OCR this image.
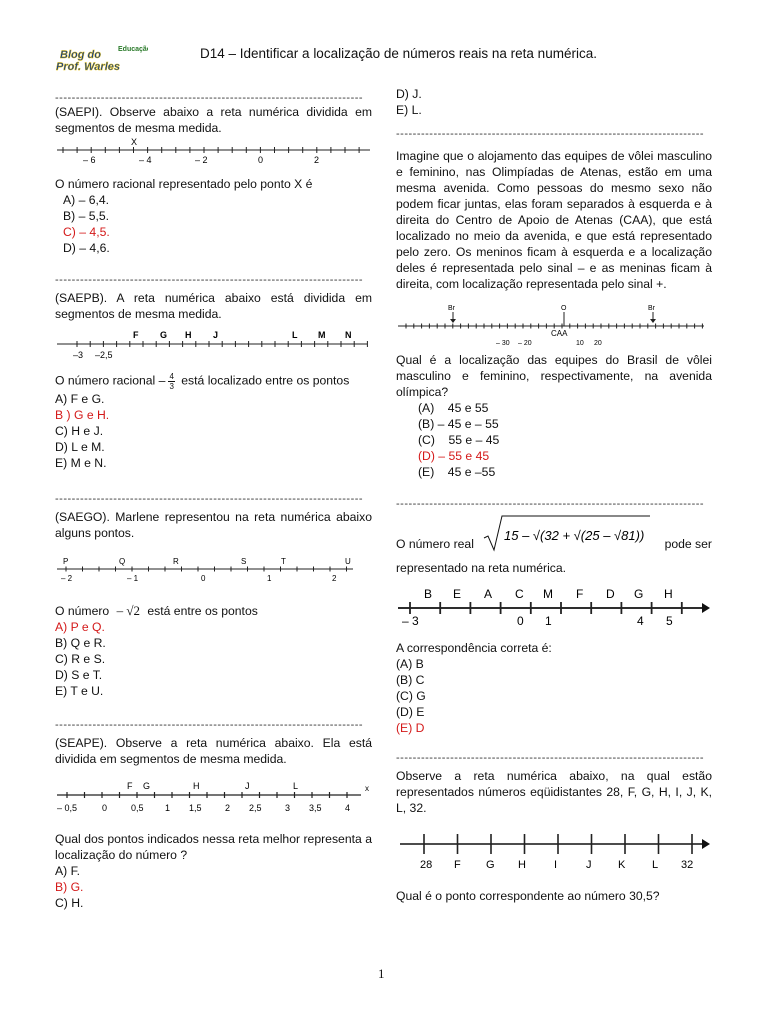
Educação
Blog do
Prof. Warles
D14 – Identificar a localização de números reais na reta numérica.
--------------------------------------------------------------------------
(SAEPI). Observe abaixo a reta numérica dividida em segmentos de mesma medida.
X
– 6	– 4	– 2	0	2
O número racional representado pelo ponto X é
A) – 6,4.
B) – 5,5.
C) – 4,5.
D) – 4,6.
--------------------------------------------------------------------------
(SAEPB). A reta numérica abaixo está dividida em segmentos de mesma medida.
F G H J	L M N
–3 –2,5
O número racional – $\frac{4}{3}$ está localizado entre os pontos
A) F e G.
B ) G e H.
C) H e J.
D) L e M.
E) M e N.
--------------------------------------------------------------------------
(SAEGO). Marlene representou na reta numérica abaixo alguns pontos.
P	Q	R	S	T	U
– 2	– 1	0	1	2
O número – √2 está entre os pontos
A) P e Q.
B) Q e R.
C) R e S.
D) S e T.
E) T e U.
--------------------------------------------------------------------------
(SEAPE). Observe a reta numérica abaixo. Ela está dividida em segmentos de mesma medida.
F G	H	J	L	x
– 0,5	0	0,5 1 1,5	2 2,5	3 3,5	4
Qual dos pontos indicados nessa reta melhor representa a localização do número ?
A) F.
B) G.
C) H.
D) J.
E) L.
--------------------------------------------------------------------------
Imagine que o alojamento das equipes de vôlei masculino e feminino, nas Olimpíadas de Atenas, estão em uma mesma avenida. Como pessoas do mesmo sexo não podem ficar juntas, elas foram separados à esquerda e à direita do Centro de Apoio de Atenas (CAA), que está localizado no meio da avenida, e que está representado pelo zero. Os meninos ficam à esquerda e a localização deles é representada pelo sinal – e as meninas ficam à direita, com localização representada pelo sinal +.
Br	O	Br
CAA
– 30 – 20	10 20
Qual é a localização das equipes do Brasil de vôlei masculino e feminino, respectivamente, na avenida olímpica?
(A)    45 e 55
(B) – 45 e – 55
(C)    55 e – 45
(D) – 55 e 45
(E)    45 e –55
--------------------------------------------------------------------------
O número real
15 – √(32 + √(25 – √81))
pode ser
representado na reta numérica.
B E A C M F D G H
– 3	0 1	4 5
A correspondência correta é:
(A) B
(B) C
(C) G
(D) E
(E) D
--------------------------------------------------------------------------
Observe a reta numérica abaixo, na qual estão representados números eqüidistantes 28, F, G, H, I, J, K, L, 32.
28 F G H	I	J K L 32
Qual é o ponto correspondente ao número 30,5?
1
